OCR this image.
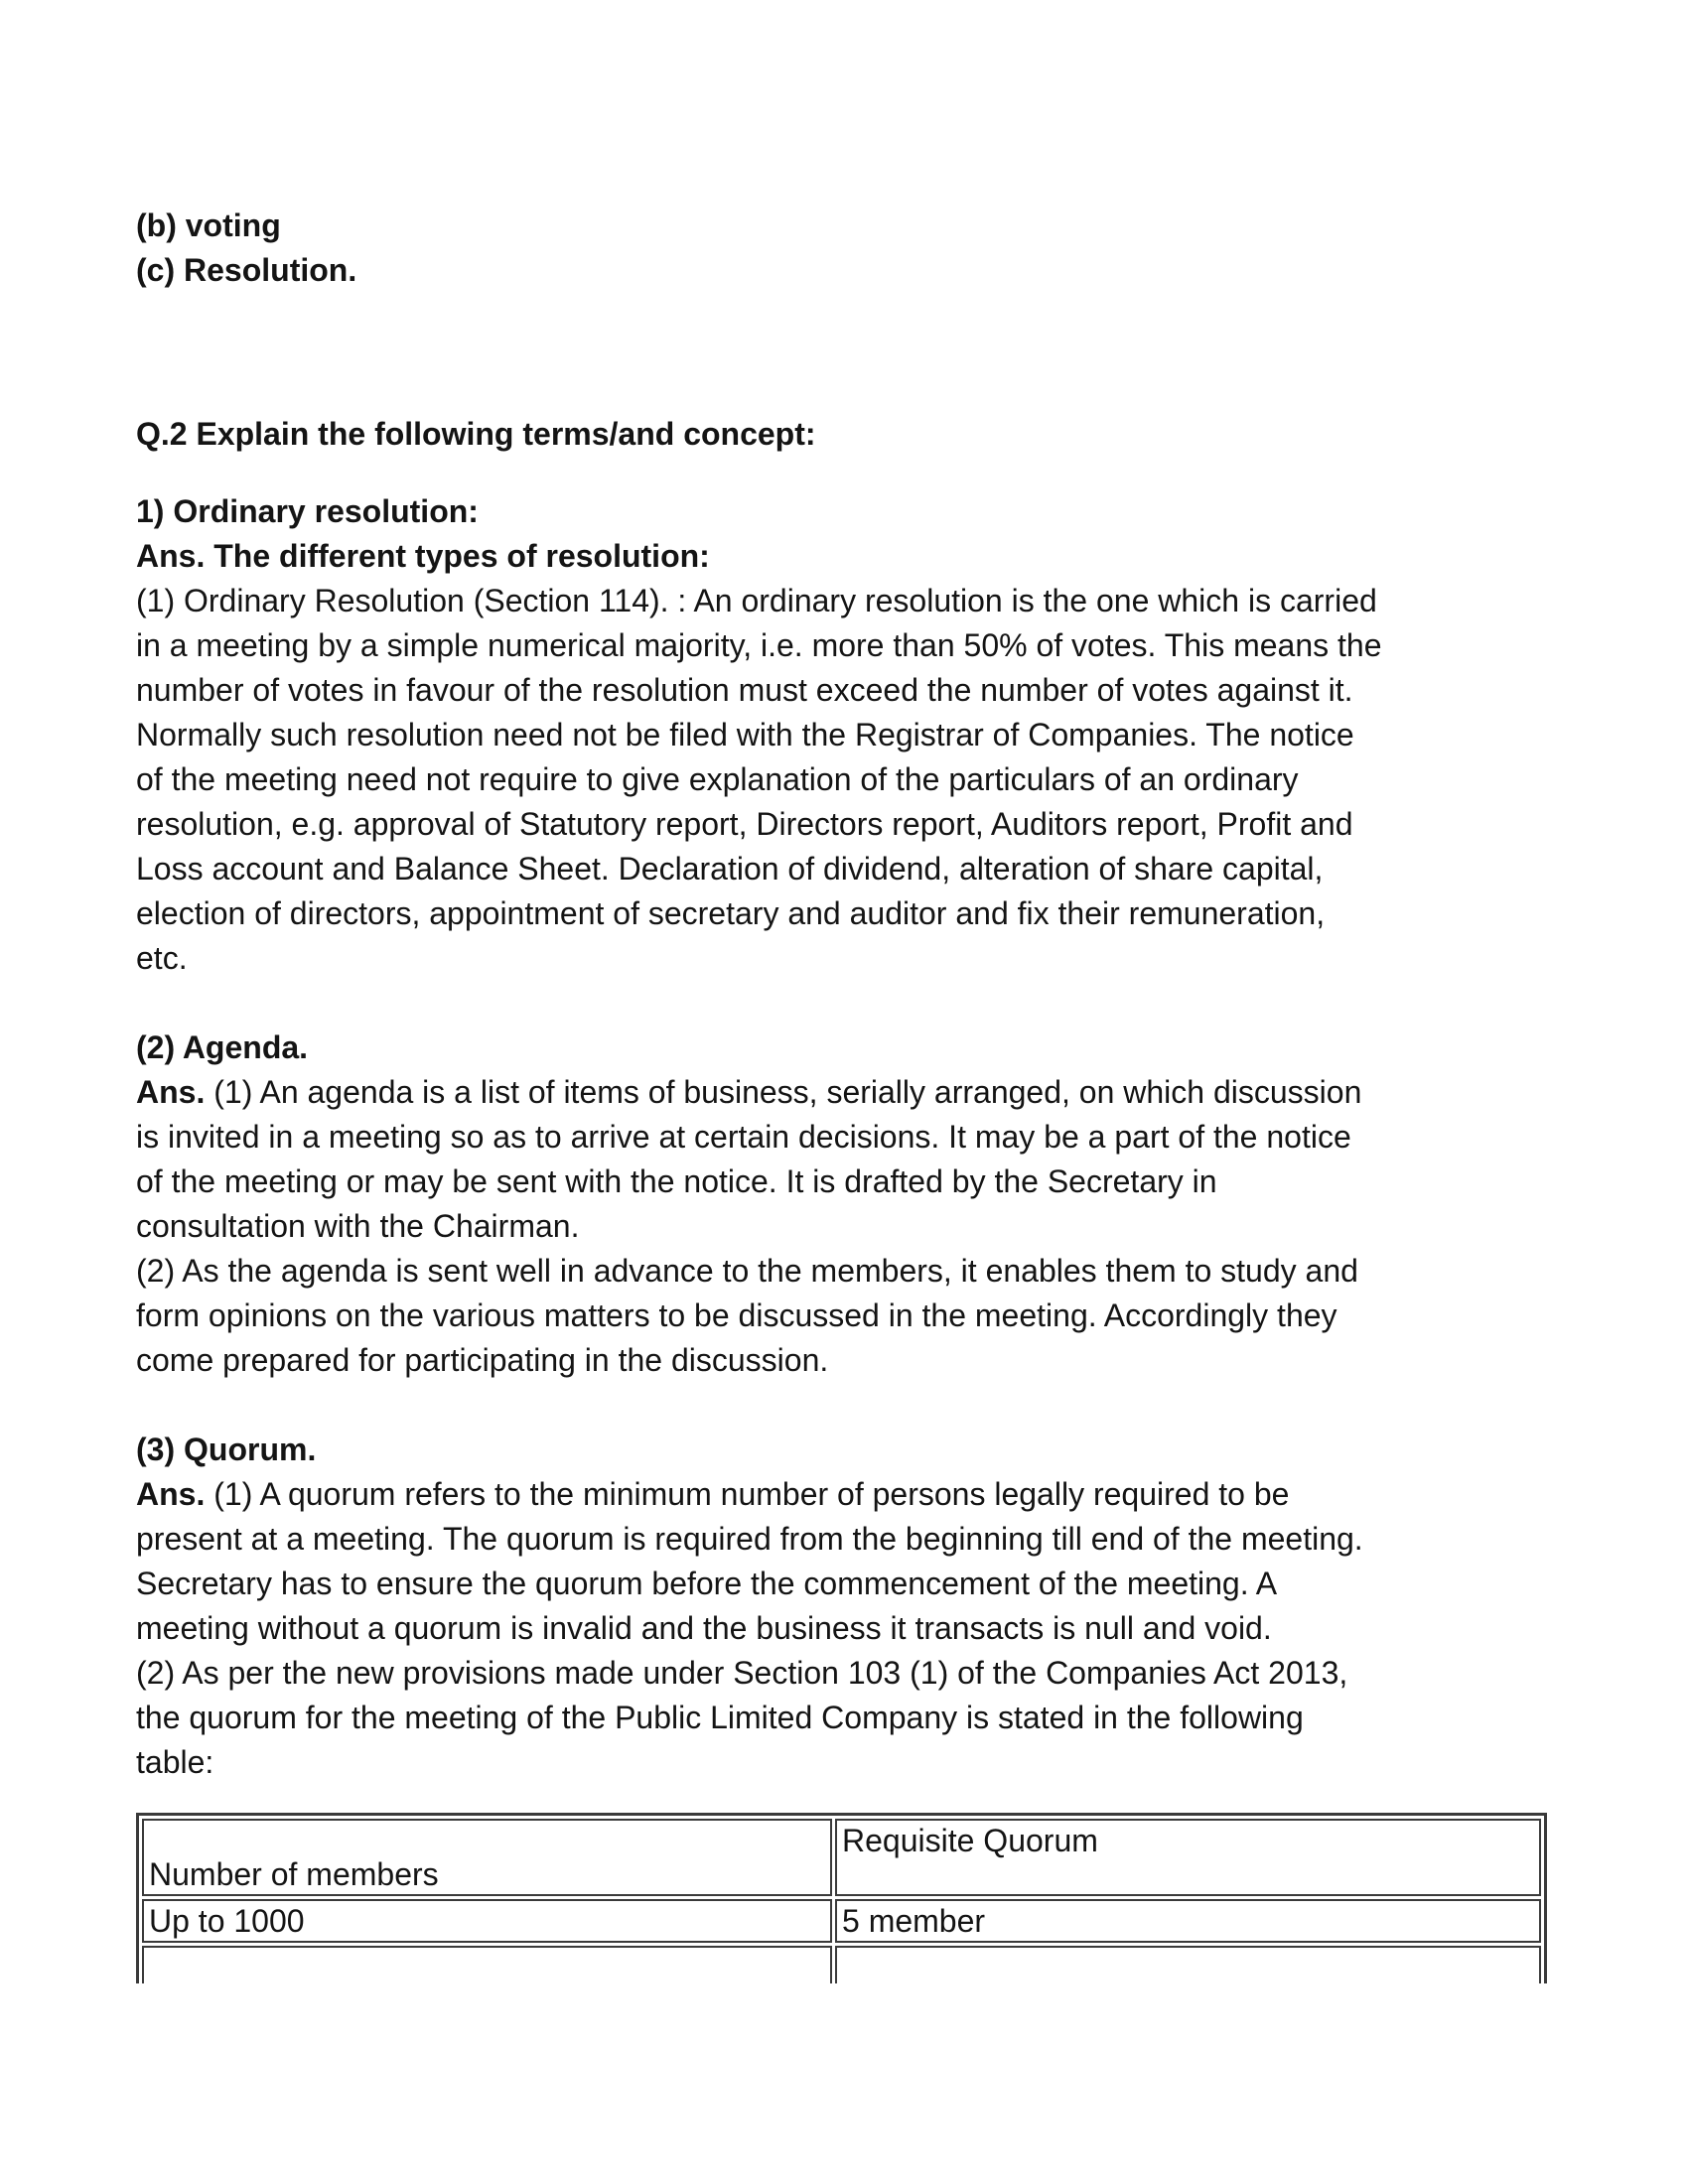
(b) voting
(c) Resolution.
Q.2 Explain the following terms/and concept:
1) Ordinary resolution:
Ans. The different types of resolution:
(1) Ordinary Resolution (Section 114). : An ordinary resolution is the one which is carried
in a meeting by a simple numerical majority, i.e. more than 50% of votes. This means the
number of votes in favour of the resolution must exceed the number of votes against it.
Normally such resolution need not be filed with the Registrar of Companies. The notice
of the meeting need not require to give explanation of the particulars of an ordinary
resolution, e.g. approval of Statutory report, Directors report, Auditors report, Profit and
Loss account and Balance Sheet. Declaration of dividend, alteration of share capital,
election of directors, appointment of secretary and auditor and fix their remuneration,
etc.
(2) Agenda.
Ans. (1) An agenda is a list of items of business, serially arranged, on which discussion
is invited in a meeting so as to arrive at certain decisions. It may be a part of the notice
of the meeting or may be sent with the notice. It is drafted by the Secretary in
consultation with the Chairman.
(2) As the agenda is sent well in advance to the members, it enables them to study and
form opinions on the various matters to be discussed in the meeting. Accordingly they
come prepared for participating in the discussion.
(3) Quorum.
Ans. (1) A quorum refers to the minimum number of persons legally required to be
present at a meeting. The quorum is required from the beginning till end of the meeting.
Secretary has to ensure the quorum before the commencement of the meeting. A
meeting without a quorum is invalid and the business it transacts is null and void.
(2) As per the new provisions made under Section 103 (1) of the Companies Act 2013,
the quorum for the meeting of the Public Limited Company is stated in the following
table:
Number of members	Requisite Quorum
Up to 1000	5 member
